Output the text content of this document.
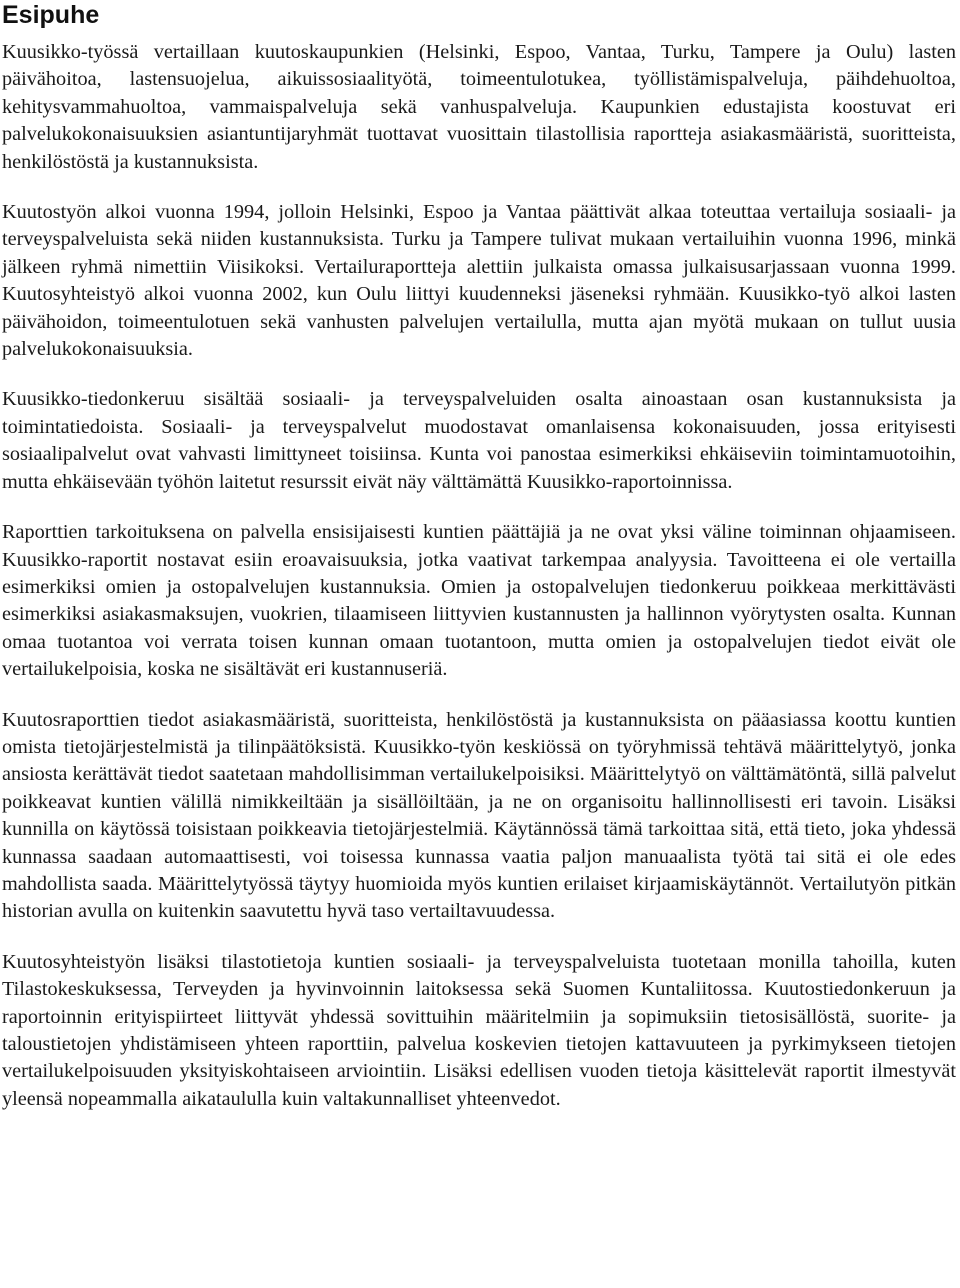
Esipuhe

Kuusikko-työssä vertaillaan kuutoskaupunkien (Helsinki, Espoo, Vantaa, Turku, Tampere ja Oulu) lasten päivähoitoa, lastensuojelua, aikuissosiaalityötä, toimeentulotukea, työllistämispalveluja, päihdehuoltoa, kehitysvammahuoltoa, vammaispalveluja sekä vanhuspalveluja. Kaupunkien edustajista koostuvat eri palvelukokonaisuuksien asiantuntijaryhmät tuottavat vuosittain tilastollisia raportteja asiakasmääristä, suoritteista, henkilöstöstä ja kustannuksista.

Kuutostyön alkoi vuonna 1994, jolloin Helsinki, Espoo ja Vantaa päättivät alkaa toteuttaa vertailuja sosiaali- ja terveyspalveluista sekä niiden kustannuksista. Turku ja Tampere tulivat mukaan vertailuihin vuonna 1996, minkä jälkeen ryhmä nimettiin Viisikoksi. Vertailuraportteja alettiin julkaista omassa julkaisusarjassaan vuonna 1999. Kuutosyhteistyö alkoi vuonna 2002, kun Oulu liittyi kuudenneksi jäseneksi ryhmään. Kuusikko-työ alkoi lasten päivähoidon, toimeentulotuen sekä vanhusten palvelujen vertailulla, mutta ajan myötä mukaan on tullut uusia palvelukokonaisuuksia.

Kuusikko-tiedonkeruu sisältää sosiaali- ja terveyspalveluiden osalta ainoastaan osan kustannuksista ja toimintatiedoista. Sosiaali- ja terveyspalvelut muodostavat omanlaisensa kokonaisuuden, jossa erityisesti sosiaalipalvelut ovat vahvasti limittyneet toisiinsa. Kunta voi panostaa esimerkiksi ehkäiseviin toimintamuotoihin, mutta ehkäisevään työhön laitetut resurssit eivät näy välttämättä Kuusikko-raportoinnissa.

Raporttien tarkoituksena on palvella ensisijaisesti kuntien päättäjiä ja ne ovat yksi väline toiminnan ohjaamiseen. Kuusikko-raportit nostavat esiin eroavaisuuksia, jotka vaativat tarkempaa analyysia. Tavoitteena ei ole vertailla esimerkiksi omien ja ostopalvelujen kustannuksia. Omien ja ostopalvelujen tiedonkeruu poikkeaa merkittävästi esimerkiksi asiakasmaksujen, vuokrien, tilaamiseen liittyvien kustannusten ja hallinnon vyörytysten osalta. Kunnan omaa tuotantoa voi verrata toisen kunnan omaan tuotantoon, mutta omien ja ostopalvelujen tiedot eivät ole vertailukelpoisia, koska ne sisältävät eri kustannuseriä.

Kuutosraporttien tiedot asiakasmääristä, suoritteista, henkilöstöstä ja kustannuksista on pääasiassa koottu kuntien omista tietojärjestelmistä ja tilinpäätöksistä. Kuusikko-työn keskiössä on työryhmissä tehtävä määrittelytyö, jonka ansiosta kerättävät tiedot saatetaan mahdollisimman vertailukelpoisiksi. Määrittelytyö on välttämätöntä, sillä palvelut poikkeavat kuntien välillä nimikkeiltään ja sisällöiltään, ja ne on organisoitu hallinnollisesti eri tavoin. Lisäksi kunnilla on käytössä toisistaan poikkeavia tietojärjestelmiä. Käytännössä tämä tarkoittaa sitä, että tieto, joka yhdessä kunnassa saadaan automaattisesti, voi toisessa kunnassa vaatia paljon manuaalista työtä tai sitä ei ole edes mahdollista saada. Määrittelytyössä täytyy huomioida myös kuntien erilaiset kirjaamiskäytännöt. Vertailutyön pitkän historian avulla on kuitenkin saavutettu hyvä taso vertailtavuudessa.

Kuutosyhteistyön lisäksi tilastotietoja kuntien sosiaali- ja terveyspalveluista tuotetaan monilla tahoilla, kuten Tilastokeskuksessa, Terveyden ja hyvinvoinnin laitoksessa sekä Suomen Kuntaliitossa. Kuutostiedonkeruun ja raportoinnin erityispiirteet liittyvät yhdessä sovittuihin määritelmiin ja sopimuksiin tietosisällöstä, suorite- ja taloustietojen yhdistämiseen yhteen raporttiin, palvelua koskevien tietojen kattavuuteen ja pyrkimykseen tietojen vertailukelpoisuuden yksityiskohtaiseen arviointiin. Lisäksi edellisen vuoden tietoja käsittelevät raportit ilmestyvät yleensä nopeammalla aikataululla kuin valtakunnalliset yhteenvedot.
